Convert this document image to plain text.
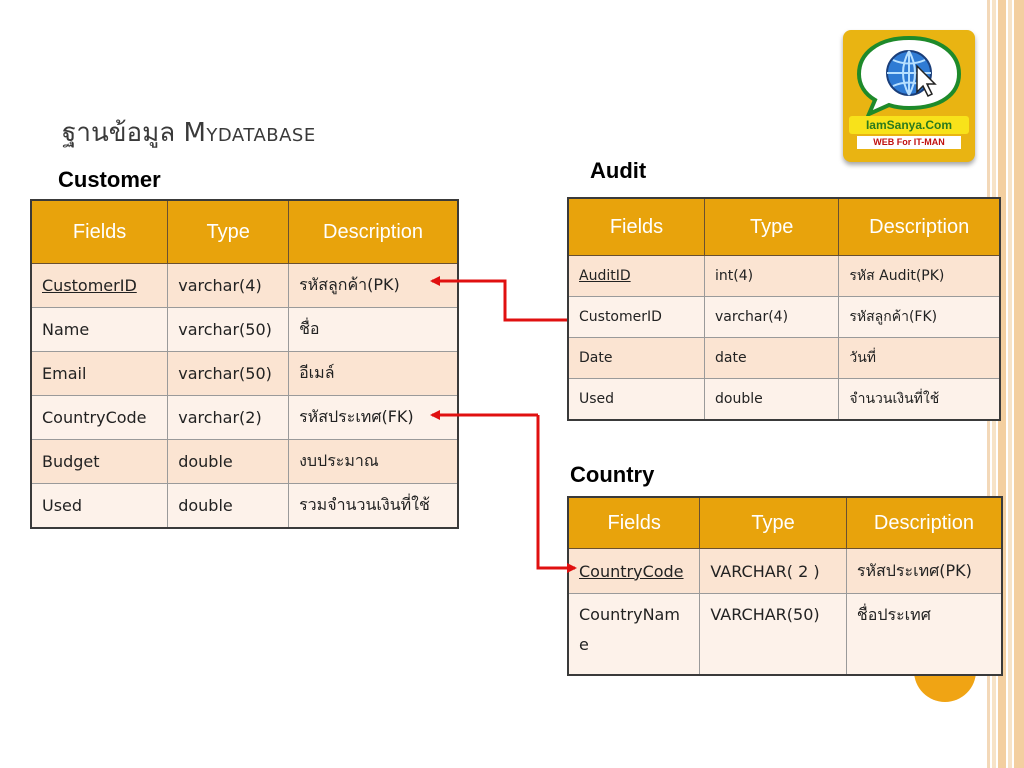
ฐานข้อมูล Mydatabase	IamSanya.Com
WEB For IT-MAN
Customer	Audit
Country
Fields	Type	Description
CustomerID	varchar(4)	รหัสลูกค้า(PK)
Name	varchar(50)	ชื่อ
Email	varchar(50)	อีเมล์
CountryCode	varchar(2)	รหัสประเทศ(FK)
Budget	double	งบประมาณ
Used	double	รวมจำนวนเงินที่ใช้
Fields	Type	Description
AuditID	int(4)	รหัส Audit(PK)
CustomerID	varchar(4)	รหัสลูกค้า(FK)
Date	date	วันที่
Used	double	จำนวนเงินที่ใช้
Fields	Type	Description
CountryCode	VARCHAR( 2 )	รหัสประเทศ(PK)
CountryName	VARCHAR(50)	ชื่อประเทศ
